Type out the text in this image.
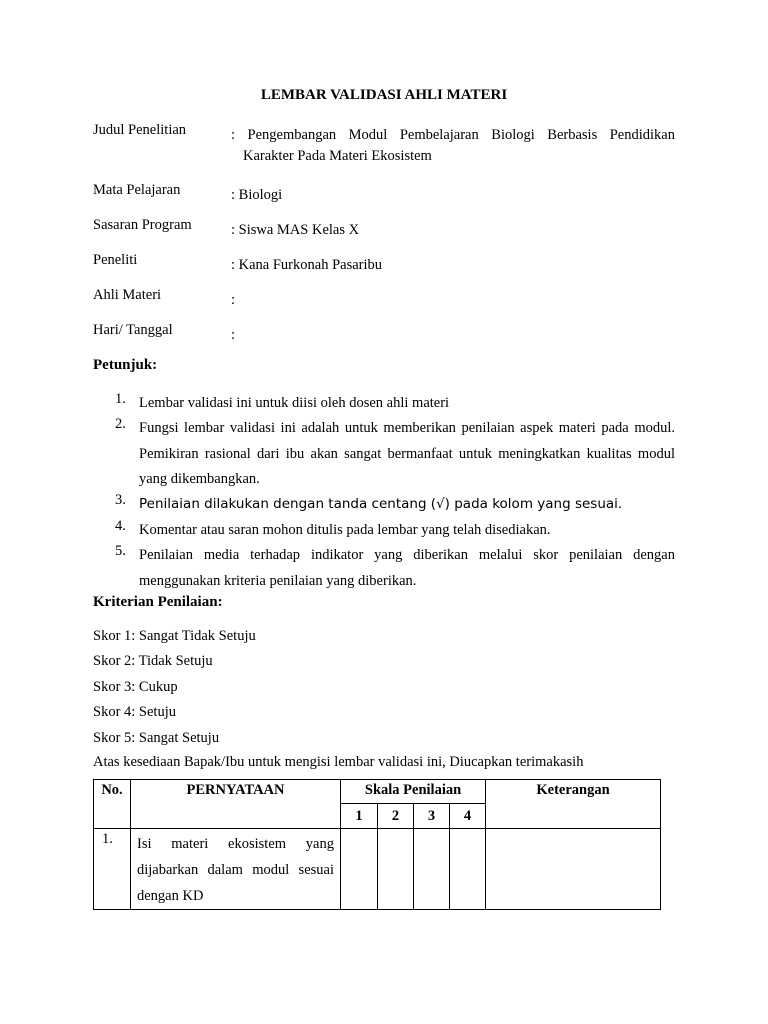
LEMBAR VALIDASI AHLI MATERI
Judul Penelitian	: Pengembangan Modul Pembelajaran Biologi Berbasis Pendidikan
Karakter Pada Materi Ekosistem
Mata Pelajaran	: Biologi
Sasaran Program	: Siswa MAS Kelas X
Peneliti	: Kana Furkonah Pasaribu
Ahli Materi	:
Hari/ Tanggal	:
Petunjuk:
1. Lembar validasi ini untuk diisi oleh dosen ahli materi
2. Fungsi lembar validasi ini adalah untuk memberikan penilaian aspek materi pada modul. Pemikiran rasional dari ibu akan sangat bermanfaat untuk meningkatkan kualitas modul yang dikembangkan.
3. Penilaian dilakukan dengan tanda centang (√) pada kolom yang sesuai.
4. Komentar atau saran mohon ditulis pada lembar yang telah disediakan.
5. Penilaian media terhadap indikator yang diberikan melalui skor penilaian dengan menggunakan kriteria penilaian yang diberikan.
Kriterian Penilaian:
Skor 1: Sangat Tidak Setuju
Skor 2: Tidak Setuju
Skor 3: Cukup
Skor 4: Setuju
Skor 5: Sangat Setuju
Atas kesediaan Bapak/Ibu untuk mengisi lembar validasi ini, Diucapkan terimakasih
No.	PERNYATAAN	Skala Penilaian				Keterangan
		1	2	3	4	
1.	Isi materi ekosistem yang dijabarkan dalam modul sesuai dengan KD					
